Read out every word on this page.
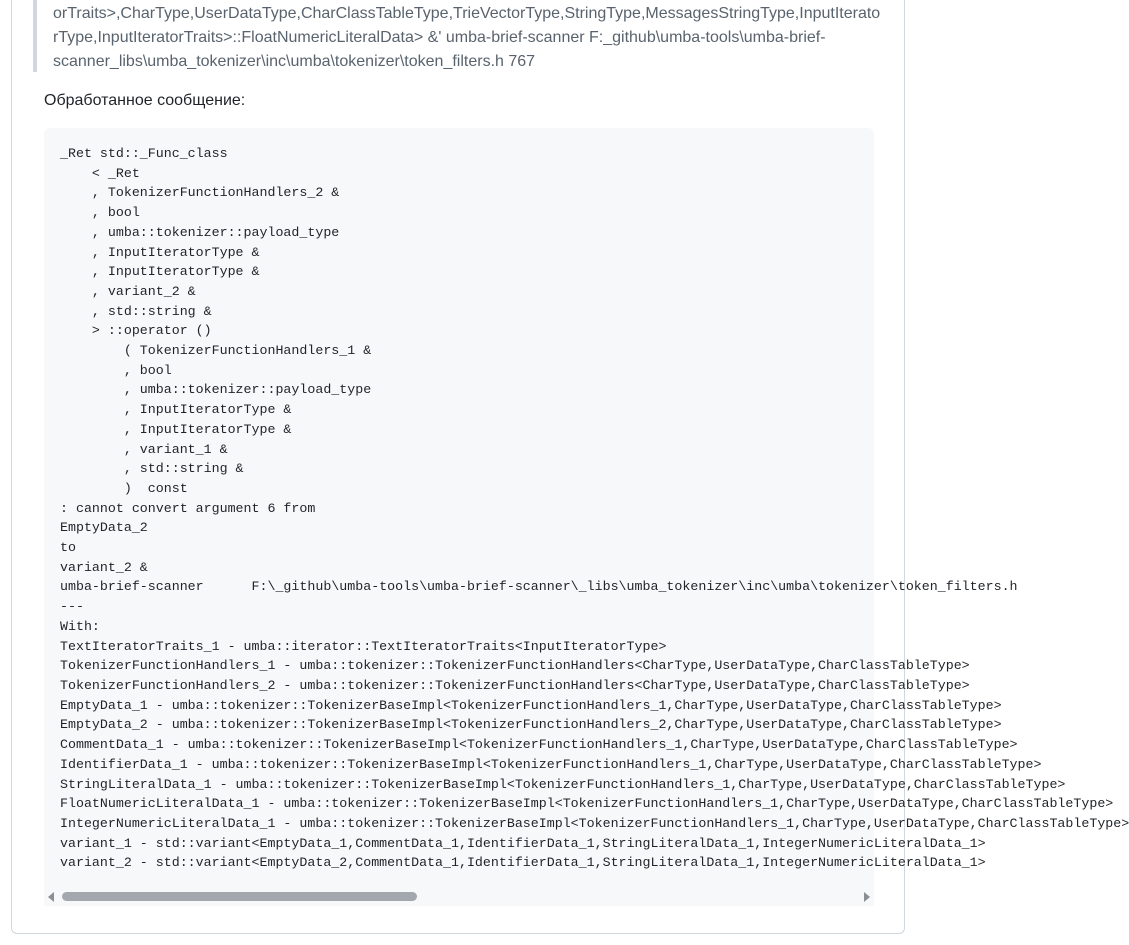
orTraits>,CharType,UserDataType,CharClassTableType,TrieVectorType,StringType,MessagesStringType,InputIterato
rType,InputIteratorTraits>::FloatNumericLiteralData> &' umba-brief-scanner F:_github\umba-tools\umba-brief-
scanner_libs\umba_tokenizer\inc\umba\tokenizer\token_filters.h 767
Обработанное сообщение:
_Ret std::_Func_class
< _Ret
, TokenizerFunctionHandlers_2 &
, bool
, umba::tokenizer::payload_type
, InputIteratorType &
, InputIteratorType &
, variant_2 &
, std::string &
> ::operator ()
( TokenizerFunctionHandlers_1 &
, bool
, umba::tokenizer::payload_type
, InputIteratorType &
, InputIteratorType &
, variant_1 &
, std::string &
)  const
: cannot convert argument 6 from
EmptyData_2
to
variant_2 &
umba-brief-scanner      F:\_github\umba-tools\umba-brief-scanner\_libs\umba_tokenizer\inc\umba\tokenizer\token_filters.h
---
With:
TextIteratorTraits_1 - umba::iterator::TextIteratorTraits<InputIteratorType>
TokenizerFunctionHandlers_1 - umba::tokenizer::TokenizerFunctionHandlers<CharType,UserDataType,CharClassTableType>
TokenizerFunctionHandlers_2 - umba::tokenizer::TokenizerFunctionHandlers<CharType,UserDataType,CharClassTableType>
EmptyData_1 - umba::tokenizer::TokenizerBaseImpl<TokenizerFunctionHandlers_1,CharType,UserDataType,CharClassTableType>
EmptyData_2 - umba::tokenizer::TokenizerBaseImpl<TokenizerFunctionHandlers_2,CharType,UserDataType,CharClassTableType>
CommentData_1 - umba::tokenizer::TokenizerBaseImpl<TokenizerFunctionHandlers_1,CharType,UserDataType,CharClassTableType>
IdentifierData_1 - umba::tokenizer::TokenizerBaseImpl<TokenizerFunctionHandlers_1,CharType,UserDataType,CharClassTableType>
StringLiteralData_1 - umba::tokenizer::TokenizerBaseImpl<TokenizerFunctionHandlers_1,CharType,UserDataType,CharClassTableType>
FloatNumericLiteralData_1 - umba::tokenizer::TokenizerBaseImpl<TokenizerFunctionHandlers_1,CharType,UserDataType,CharClassTableType>
IntegerNumericLiteralData_1 - umba::tokenizer::TokenizerBaseImpl<TokenizerFunctionHandlers_1,CharType,UserDataType,CharClassTableType>
variant_1 - std::variant<EmptyData_1,CommentData_1,IdentifierData_1,StringLiteralData_1,IntegerNumericLiteralData_1>
variant_2 - std::variant<EmptyData_2,CommentData_1,IdentifierData_1,StringLiteralData_1,IntegerNumericLiteralData_1>
